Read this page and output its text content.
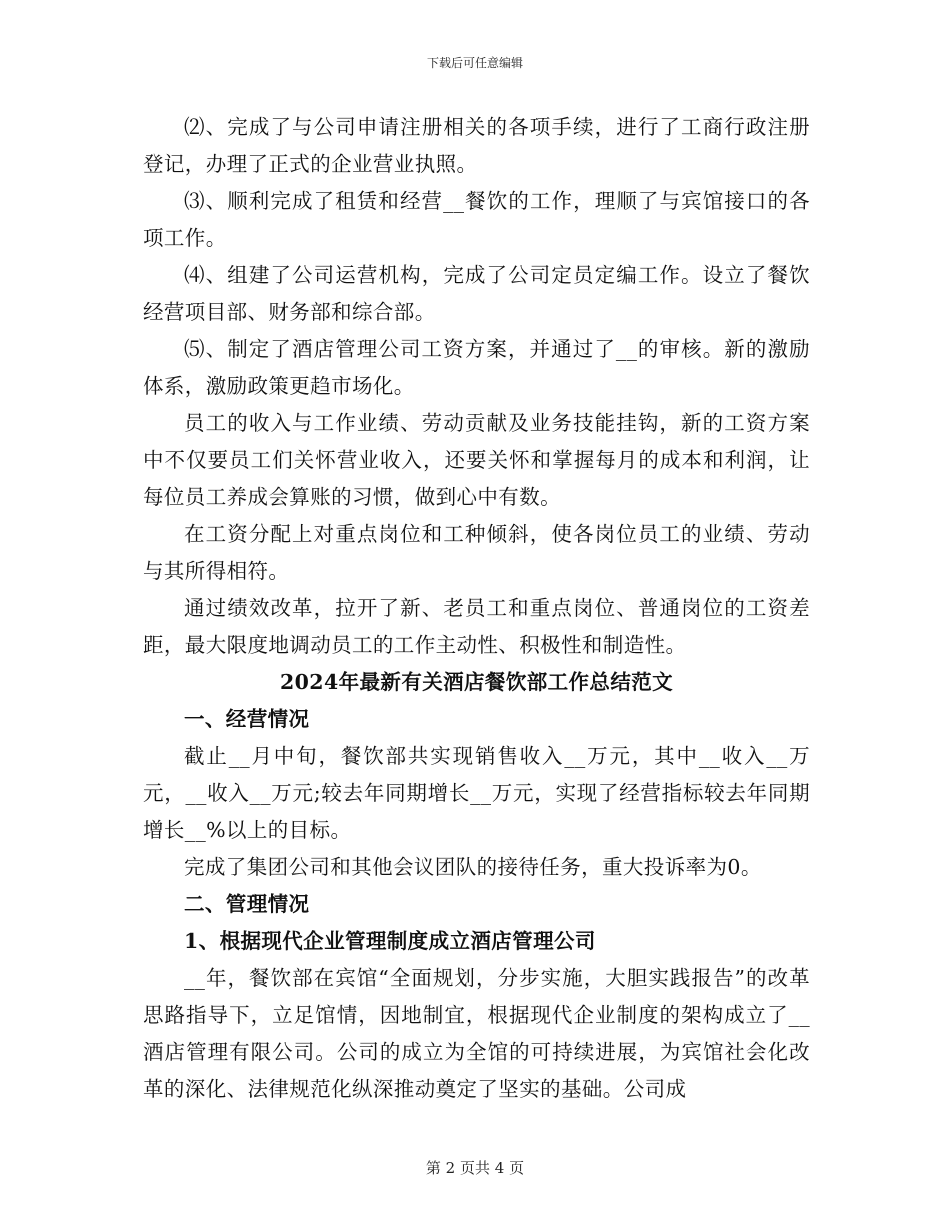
下载后可任意编辑

⑵、完成了与公司申请注册相关的各项手续，进行了工商行政注册登记，办理了正式的企业营业执照。

⑶、顺利完成了租赁和经营__餐饮的工作，理顺了与宾馆接口的各项工作。

⑷、组建了公司运营机构，完成了公司定员定编工作。设立了餐饮经营项目部、财务部和综合部。

⑸、制定了酒店管理公司工资方案，并通过了__的审核。新的激励体系，激励政策更趋市场化。

员工的收入与工作业绩、劳动贡献及业务技能挂钩，新的工资方案中不仅要员工们关怀营业收入，还要关怀和掌握每月的成本和利润，让每位员工养成会算账的习惯，做到心中有数。

在工资分配上对重点岗位和工种倾斜，使各岗位员工的业绩、劳动与其所得相符。

通过绩效改革，拉开了新、老员工和重点岗位、普通岗位的工资差距，最大限度地调动员工的工作主动性、积极性和制造性。

2024年最新有关酒店餐饮部工作总结范文

一、经营情况

截止__月中旬，餐饮部共实现销售收入__万元，其中__收入__万元，__收入__万元;较去年同期增长__万元，实现了经营指标较去年同期增长__%以上的目标。

完成了集团公司和其他会议团队的接待任务，重大投诉率为0。

二、管理情况

1、根据现代企业管理制度成立酒店管理公司

__年，餐饮部在宾馆“全面规划，分步实施，大胆实践报告”的改革思路指导下，立足馆情，因地制宜，根据现代企业制度的架构成立了__酒店管理有限公司。公司的成立为全馆的可持续进展，为宾馆社会化改革的深化、法律规范化纵深推动奠定了坚实的基础。公司成

第 2 页共 4 页
